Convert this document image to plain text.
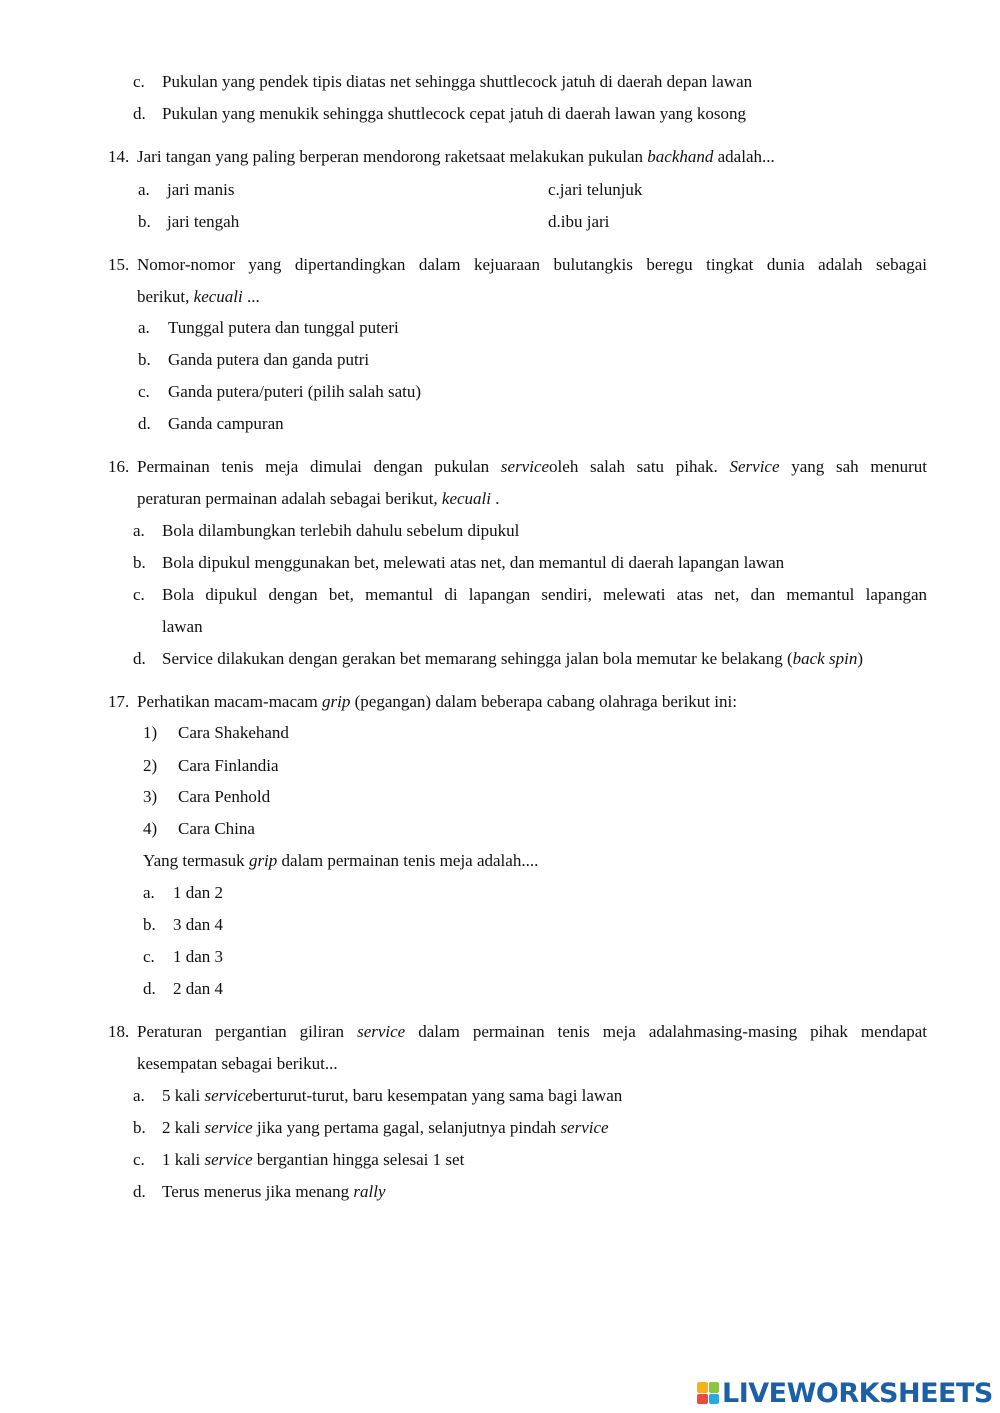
c. Pukulan yang pendek tipis diatas net sehingga shuttlecock jatuh di daerah depan lawan
d. Pukulan yang menukik sehingga shuttlecock cepat jatuh di daerah lawan yang kosong
14. Jari tangan yang paling berperan mendorong raketsaat melakukan pukulan backhand adalah...
a. jari manis	c.jari telunjuk
b. jari tengah	d.ibu jari
15. Nomor-nomor yang dipertandingkan dalam kejuaraan bulutangkis beregu tingkat dunia adalah sebagai
berikut, kecuali ...
a. Tunggal putera dan tunggal puteri
b. Ganda putera dan ganda putri
c. Ganda putera/puteri (pilih salah satu)
d. Ganda campuran
16. Permainan tenis meja dimulai dengan pukulan serviceoleh salah satu pihak. Service yang sah menurut
peraturan permainan adalah sebagai berikut, kecuali .
a. Bola dilambungkan terlebih dahulu sebelum dipukul
b. Bola dipukul menggunakan bet, melewati atas net, dan memantul di daerah lapangan lawan
c. Bola dipukul dengan bet, memantul di lapangan sendiri, melewati atas net, dan memantul lapangan
lawan
d. Service dilakukan dengan gerakan bet memarang sehingga jalan bola memutar ke belakang (back spin)
17. Perhatikan macam-macam grip (pegangan) dalam beberapa cabang olahraga berikut ini:
1) Cara Shakehand
2) Cara Finlandia
3) Cara Penhold
4) Cara China
Yang termasuk grip dalam permainan tenis meja adalah....
a. 1 dan 2
b. 3 dan 4
c. 1 dan 3
d. 2 dan 4
18. Peraturan pergantian giliran service dalam permainan tenis meja adalahmasing-masing pihak mendapat
kesempatan sebagai berikut...
a. 5 kali serviceberturut-turut, baru kesempatan yang sama bagi lawan
b. 2 kali service jika yang pertama gagal, selanjutnya pindah service
c. 1 kali service bergantian hingga selesai 1 set
d. Terus menerus jika menang rally
LIVEWORKSHEETS
